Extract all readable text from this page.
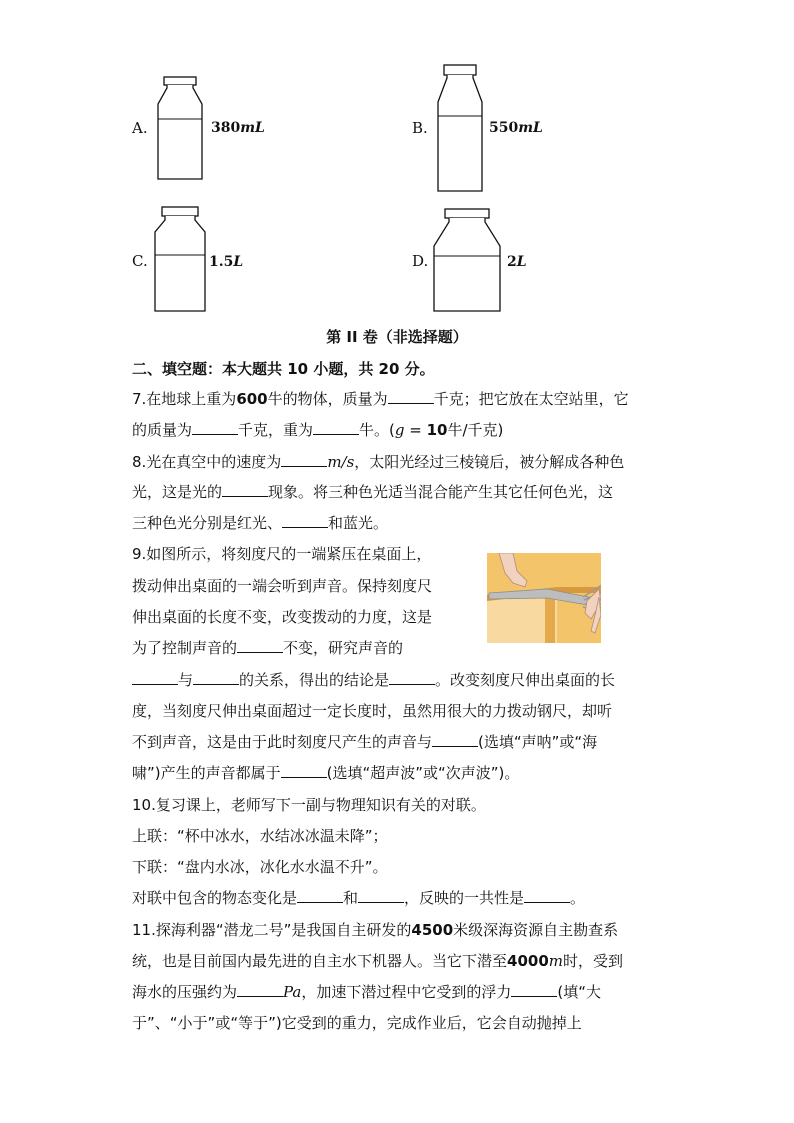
A.	380mL	B.	550mL
C.	1.5L	D.	2L
第 II 卷（非选择题）
二、填空题：本大题共 10 小题，共 20 分。
7.在地球上重为600牛的物体，质量为	千克；把它放在太空站里，它
的质量为	千克，重为	牛。(g = 10牛/千克)
8.光在真空中的速度为	m/s，太阳光经过三棱镜后，被分解成各种色
光，这是光的	现象。将三种色光适当混合能产生其它任何色光，这
三种色光分别是红光、	和蓝光。
9.如图所示，将刻度尺的一端紧压在桌面上，
拨动伸出桌面的一端会听到声音。保持刻度尺
伸出桌面的长度不变，改变拨动的力度，这是
为了控制声音的	不变，研究声音的
与	的关系，得出的结论是	。改变刻度尺伸出桌面的长
度，当刻度尺伸出桌面超过一定长度时，虽然用很大的力拨动钢尺，却听
不到声音，这是由于此时刻度尺产生的声音与	(选填“声呐”或“海
啸”)产生的声音都属于	(选填“超声波”或“次声波”)。
10.复习课上，老师写下一副与物理知识有关的对联。
上联：“杯中冰水，水结冰冰温未降”；
下联：“盘内水冰，冰化水水温不升”。
对联中包含的物态变化是	和	，反映的一共性是	。
11.探海利器“潜龙二号”是我国自主研发的4500米级深海资源自主勘查系
统，也是目前国内最先进的自主水下机器人。当它下潜至4000m时，受到
海水的压强约为	Pa，加速下潜过程中它受到的浮力	(填“大
于”、“小于”或“等于”)它受到的重力，完成作业后，它会自动抛掉上
